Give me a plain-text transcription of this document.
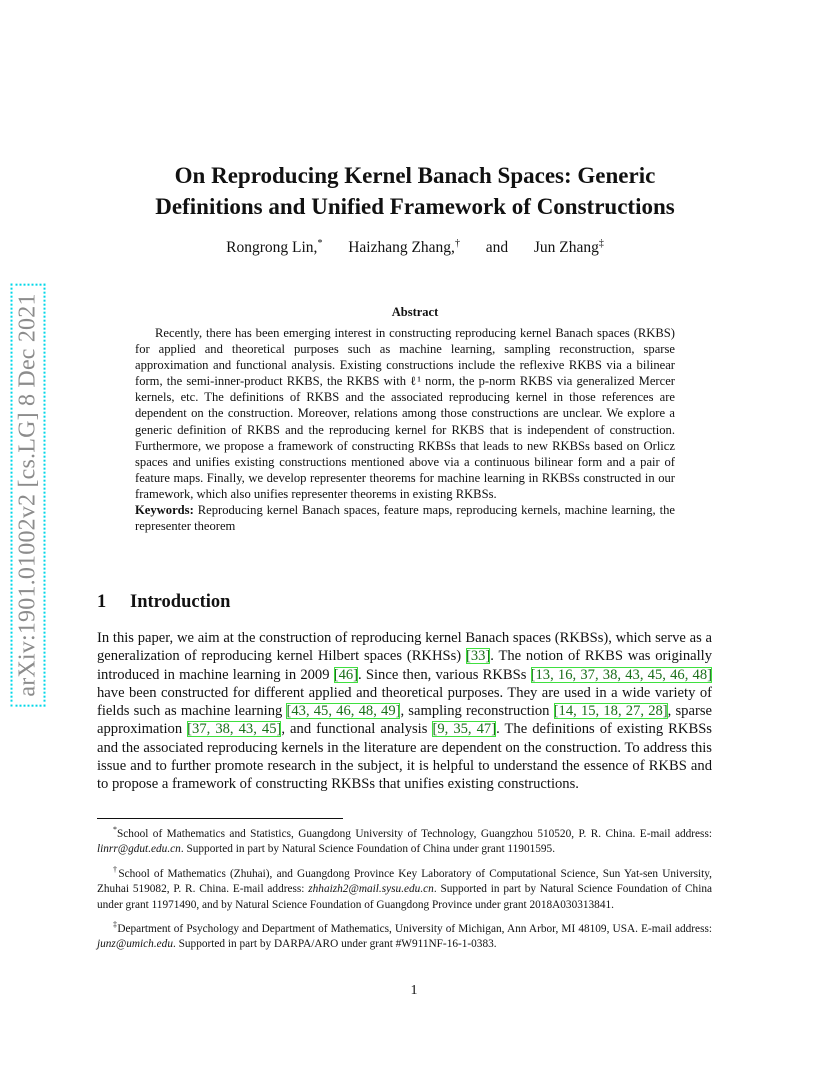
arXiv:1901.01002v2 [cs.LG] 8 Dec 2021
On Reproducing Kernel Banach Spaces: Generic
Definitions and Unified Framework of Constructions
Rongrong Lin,* Haizhang Zhang,† and Jun Zhang‡
Abstract
Recently, there has been emerging interest in constructing reproducing kernel Banach spaces (RKBS) for applied and theoretical purposes such as machine learning, sampling reconstruction, sparse approximation and functional analysis. Existing constructions include the reflexive RKBS via a bilinear form, the semi-inner-product RKBS, the RKBS with ℓ¹ norm, the p-norm RKBS via generalized Mercer kernels, etc. The definitions of RKBS and the associated reproducing kernel in those references are dependent on the construction. Moreover, relations among those constructions are unclear. We explore a generic definition of RKBS and the reproducing kernel for RKBS that is independent of construction. Furthermore, we propose a framework of constructing RKBSs that leads to new RKBSs based on Orlicz spaces and unifies existing constructions mentioned above via a continuous bilinear form and a pair of feature maps. Finally, we develop representer theorems for machine learning in RKBSs constructed in our framework, which also unifies representer theorems in existing RKBSs.
Keywords: Reproducing kernel Banach spaces, feature maps, reproducing kernels, machine learning, the representer theorem
1 Introduction
In this paper, we aim at the construction of reproducing kernel Banach spaces (RKBSs), which serve as a generalization of reproducing kernel Hilbert spaces (RKHSs) [33]. The notion of RKBS was originally introduced in machine learning in 2009 [46]. Since then, various RKBSs [13, 16, 37, 38, 43, 45, 46, 48] have been constructed for different applied and theoretical purposes. They are used in a wide variety of fields such as machine learning [43, 45, 46, 48, 49], sampling reconstruction [14, 15, 18, 27, 28], sparse approximation [37, 38, 43, 45], and functional analysis [9, 35, 47]. The definitions of existing RKBSs and the associated reproducing kernels in the literature are dependent on the construction. To address this issue and to further promote research in the subject, it is helpful to understand the essence of RKBS and to propose a framework of constructing RKBSs that unifies existing constructions.
*School of Mathematics and Statistics, Guangdong University of Technology, Guangzhou 510520, P. R. China. E-mail address: linrr@gdut.edu.cn. Supported in part by Natural Science Foundation of China under grant 11901595.
†School of Mathematics (Zhuhai), and Guangdong Province Key Laboratory of Computational Science, Sun Yat-sen University, Zhuhai 519082, P. R. China. E-mail address: zhhaizh2@mail.sysu.edu.cn. Supported in part by Natural Science Foundation of China under grant 11971490, and by Natural Science Foundation of Guangdong Province under grant 2018A030313841.
‡Department of Psychology and Department of Mathematics, University of Michigan, Ann Arbor, MI 48109, USA. E-mail address: junz@umich.edu. Supported in part by DARPA/ARO under grant #W911NF-16-1-0383.
1
